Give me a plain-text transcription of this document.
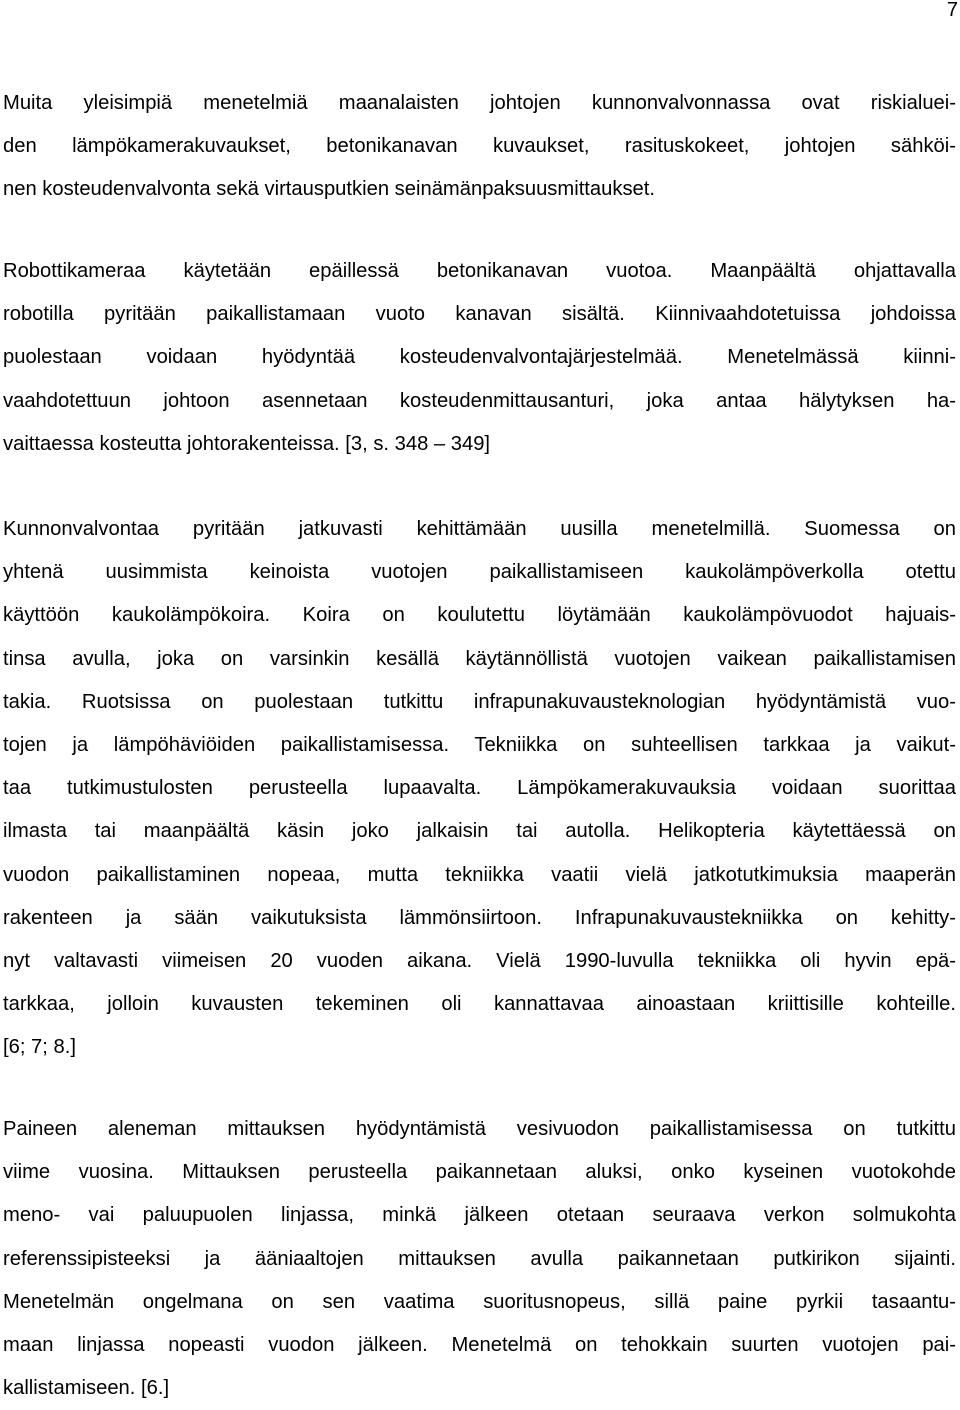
7
Muita yleisimpiä menetelmiä maanalaisten johtojen kunnonvalvonnassa ovat riskialuei-
den lämpökamerakuvaukset, betonikanavan kuvaukset, rasituskokeet, johtojen sähköi-
nen kosteudenvalvonta sekä virtausputkien seinämänpaksuusmittaukset.
Robottikameraa käytetään epäillessä betonikanavan vuotoa. Maanpäältä ohjattavalla
robotilla pyritään paikallistamaan vuoto kanavan sisältä. Kiinnivaahdotetuissa johdoissa
puolestaan voidaan hyödyntää kosteudenvalvontajärjestelmää. Menetelmässä kiinni-
vaahdotettuun johtoon asennetaan kosteudenmittausanturi, joka antaa hälytyksen ha-
vaittaessa kosteutta johtorakenteissa. [3, s. 348 – 349]
Kunnonvalvontaa pyritään jatkuvasti kehittämään uusilla menetelmillä. Suomessa on
yhtenä uusimmista keinoista vuotojen paikallistamiseen kaukolämpöverkolla otettu
käyttöön kaukolämpökoira. Koira on koulutettu löytämään kaukolämpövuodot hajuais-
tinsa avulla, joka on varsinkin kesällä käytännöllistä vuotojen vaikean paikallistamisen
takia. Ruotsissa on puolestaan tutkittu infrapunakuvausteknologian hyödyntämistä vuo-
tojen ja lämpöhäviöiden paikallistamisessa. Tekniikka on suhteellisen tarkkaa ja vaikut-
taa tutkimustulosten perusteella lupaavalta. Lämpökamerakuvauksia voidaan suorittaa
ilmasta tai maanpäältä käsin joko jalkaisin tai autolla. Helikopteria käytettäessä on
vuodon paikallistaminen nopeaa, mutta tekniikka vaatii vielä jatkotutkimuksia maaperän
rakenteen ja sään vaikutuksista lämmönsiirtoon. Infrapunakuvaustekniikka on kehitty-
nyt valtavasti viimeisen 20 vuoden aikana. Vielä 1990-luvulla tekniikka oli hyvin epä-
tarkkaa, jolloin kuvausten tekeminen oli kannattavaa ainoastaan kriittisille kohteille.
[6; 7; 8.]
Paineen aleneman mittauksen hyödyntämistä vesivuodon paikallistamisessa on tutkittu
viime vuosina. Mittauksen perusteella paikannetaan aluksi, onko kyseinen vuotokohde
meno- vai paluupuolen linjassa, minkä jälkeen otetaan seuraava verkon solmukohta
referenssipisteeksi ja ääniaaltojen mittauksen avulla paikannetaan putkirikon sijainti.
Menetelmän ongelmana on sen vaatima suoritusnopeus, sillä paine pyrkii tasaantu-
maan linjassa nopeasti vuodon jälkeen. Menetelmä on tehokkain suurten vuotojen pai-
kallistamiseen. [6.]
